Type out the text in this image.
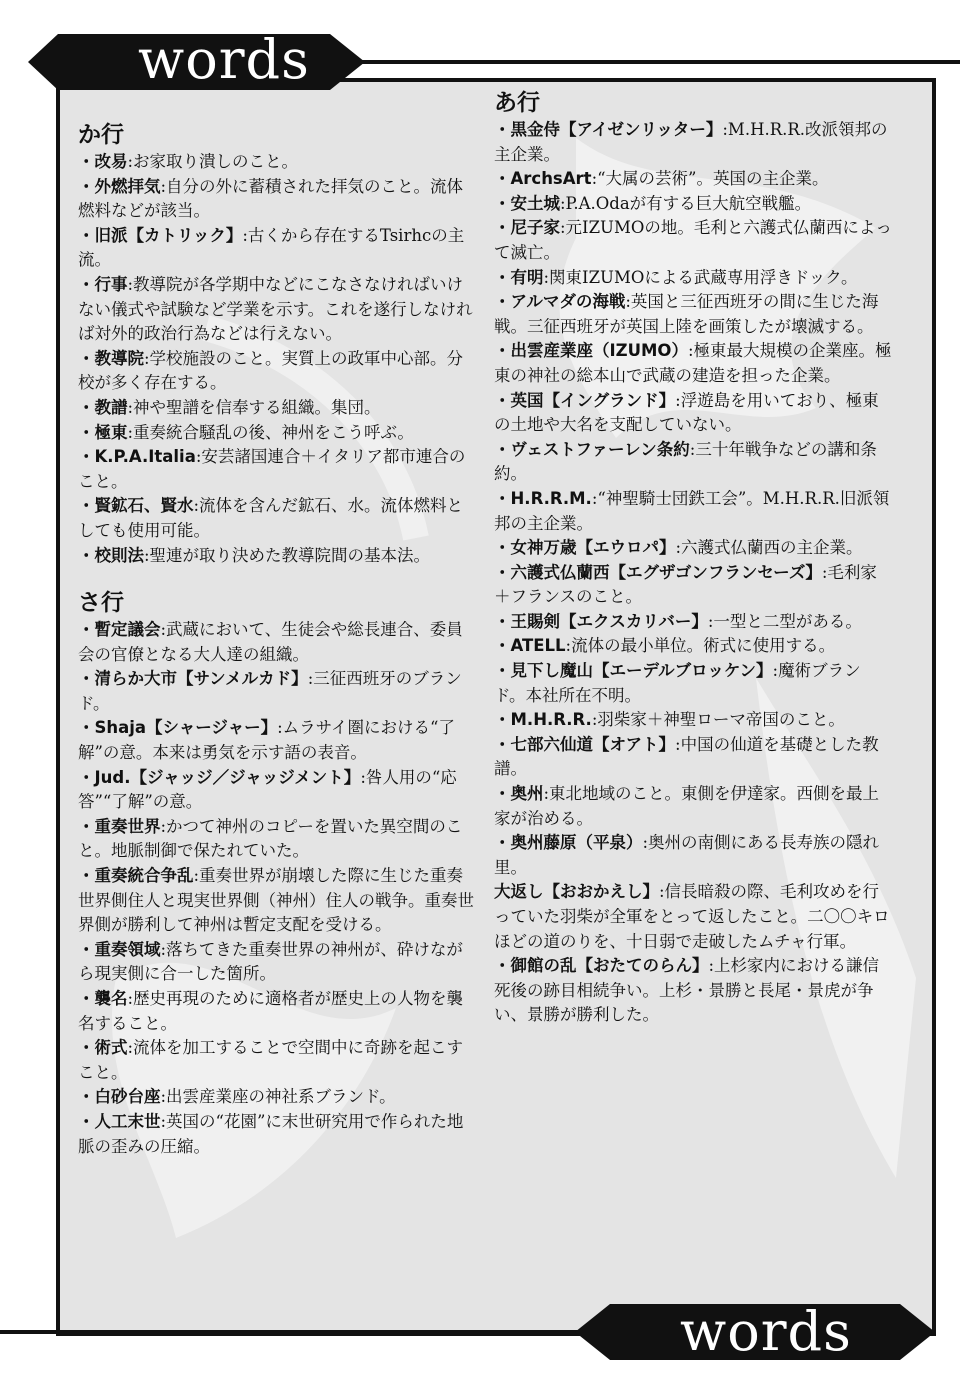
words
words
か行

・改易:お家取り潰しのこと。

・外燃拝気:自分の外に蓄積された拝気のこと。流体燃料などが該当。

・旧派【カトリック】:古くから存在するTsirhcの主流。

・行事:教導院が各学期中などにこなさなければいけない儀式や試験など学業を示す。これを遂行しなければ対外的政治行為などは行えない。

・教導院:学校施設のこと。実質上の政軍中心部。分校が多く存在する。

・教譜:神や聖譜を信奉する組織。集団。

・極東:重奏統合騒乱の後、神州をこう呼ぶ。

・K.P.A.Italia:安芸諸国連合＋イタリア都市連合のこと。

・賢鉱石、賢水:流体を含んだ鉱石、水。流体燃料としても使用可能。

・校則法:聖連が取り決めた教導院間の基本法。

さ行

・暫定議会:武蔵において、生徒会や総長連合、委員会の官僚となる大人達の組織。

・清らか大市【サンメルカド】:三征西班牙のブランド。

・Shaja【シャージャー】:ムラサイ圏における“了解”の意。本来は勇気を示す語の表音。

・Jud.【ジャッジ／ジャッジメント】:咎人用の“応答”“了解”の意。

・重奏世界:かつて神州のコピーを置いた異空間のこと。地脈制御で保たれていた。

・重奏統合争乱:重奏世界が崩壊した際に生じた重奏世界側住人と現実世界側（神州）住人の戦争。重奏世界側が勝利して神州は暫定支配を受ける。

・重奏領域:落ちてきた重奏世界の神州が、砕けながら現実側に合一した箇所。

・襲名:歴史再現のために適格者が歴史上の人物を襲名すること。

・術式:流体を加工することで空間中に奇跡を起こすこと。

・白砂台座:出雲産業座の神社系ブランド。

・人工末世:英国の“花園”に末世研究用で作られた地脈の歪みの圧縮。

あ行

・黒金侍【アイゼンリッター】:M.H.R.R.改派領邦の主企業。

・ArchsArt:“大属の芸術”。英国の主企業。

・安土城:P.A.Odaが有する巨大航空戦艦。

・尼子家:元IZUMOの地。毛利と六護式仏蘭西によって滅亡。

・有明:関東IZUMOによる武蔵専用浮きドック。

・アルマダの海戦:英国と三征西班牙の間に生じた海戦。三征西班牙が英国上陸を画策したが壊滅する。

・出雲産業座（IZUMO）:極東最大規模の企業座。極東の神社の総本山で武蔵の建造を担った企業。

・英国【イングランド】:浮遊島を用いており、極東の土地や大名を支配していない。

・ヴェストファーレン条約:三十年戦争などの講和条約。

・H.R.R.M.:“神聖騎士団鉄工会”。M.H.R.R.旧派領邦の主企業。

・女神万歳【エウロパ】:六護式仏蘭西の主企業。

・六護式仏蘭西【エグザゴンフランセーズ】:毛利家＋フランスのこと。

・王賜剣【エクスカリバー】:一型と二型がある。

・ATELL:流体の最小単位。術式に使用する。

・見下し魔山【エーデルブロッケン】:魔術ブランド。本社所在不明。

・M.H.R.R.:羽柴家＋神聖ローマ帝国のこと。

・七部六仙道【オアト】:中国の仙道を基礎とした教譜。

・奥州:東北地域のこと。東側を伊達家。西側を最上家が治める。

・奥州藤原（平泉）:奥州の南側にある長寿族の隠れ里。

大返し【おおかえし】:信長暗殺の際、毛利攻めを行っていた羽柴が全軍をとって返したこと。二〇〇キロほどの道のりを、十日弱で走破したムチャ行軍。

・御館の乱【おたてのらん】:上杉家内における謙信死後の跡目相続争い。上杉・景勝と長尾・景虎が争い、景勝が勝利した。
